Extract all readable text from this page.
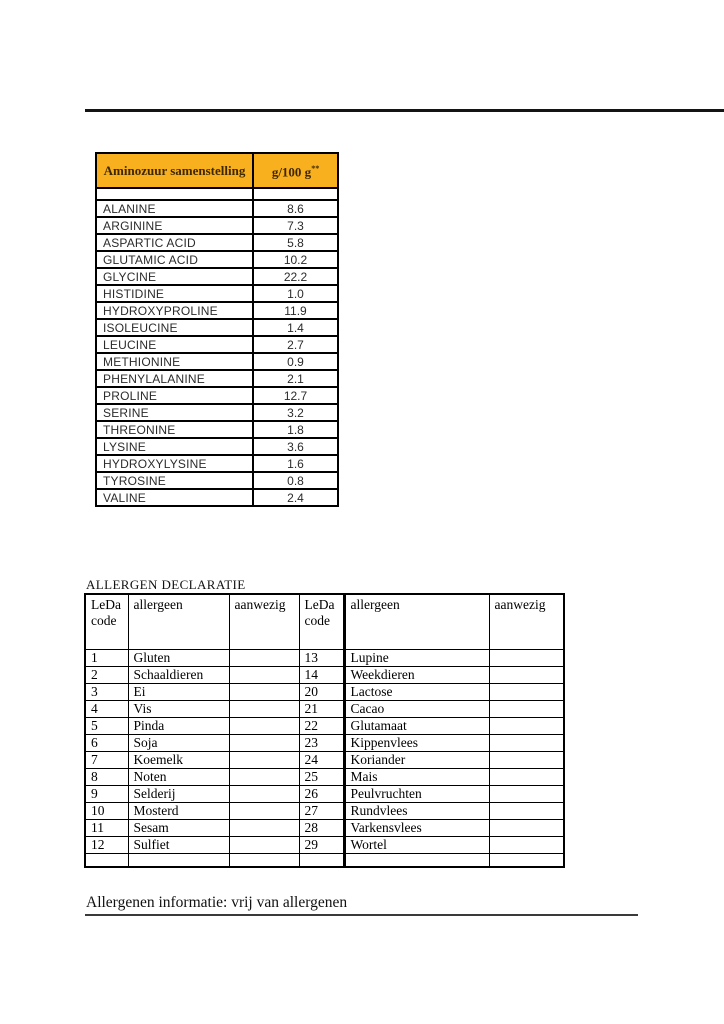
Aminozuur samenstelling	g/100 g**

ALANINE	8.6
ARGININE	7.3
ASPARTIC ACID	5.8
GLUTAMIC ACID	10.2
GLYCINE	22.2
HISTIDINE	1.0
HYDROXYPROLINE	11.9
ISOLEUCINE	1.4
LEUCINE	2.7
METHIONINE	0.9
PHENYLALANINE	2.1
PROLINE	12.7
SERINE	3.2
THREONINE	1.8
LYSINE	3.6
HYDROXYLYSINE	1.6
TYROSINE	0.8
VALINE	2.4
ALLERGEN DECLARATIE
LeDa code	allergeen	aanwezig	LeDa code	allergeen	aanwezig
1	Gluten		13	Lupine	
2	Schaaldieren		14	Weekdieren	
3	Ei		20	Lactose	
4	Vis		21	Cacao	
5	Pinda		22	Glutamaat	
6	Soja		23	Kippenvlees	
7	Koemelk		24	Koriander	
8	Noten		25	Mais	
9	Selderij		26	Peulvruchten	
10	Mosterd		27	Rundvlees	
11	Sesam		28	Varkensvlees	
12	Sulfiet		29	Wortel	

Allergenen informatie: vrij van allergenen
